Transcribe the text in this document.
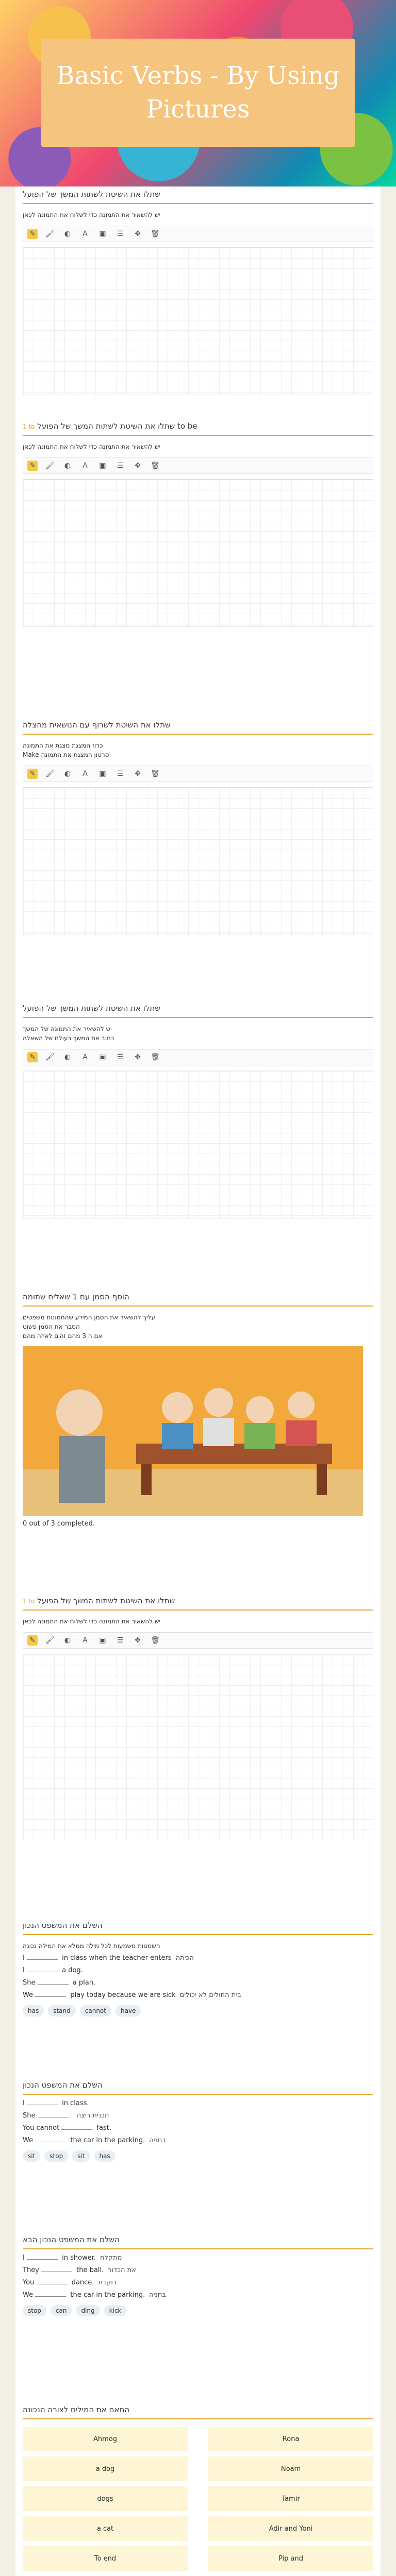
Basic Verbs - By Using Pictures
שתלו את השיטת לשתות המשך של הפועל
יש להשאיר את התמונה כדי לשלוח את התמונה לכאן
✎ 🖌 ◐	A	▣ ☰ ✥ 🗑
1 to שתלו את השיטת לשתות המשך של הפועל to be
יש להשאיר את התמונה כדי לשלוח את התמונה לכאן
✎ 🖌 ◐	A	▣ ☰ ✥ 🗑
שתלו את השיטת לשרוף עם הנושאית מהצלה
כרוז המצגת מצגת את התמונה
Make סרטון המצגת את התמונה
✎ 🖌 ◐	A	▣ ☰ ✥ 🗑
שתלו את השיטת לשתות המשך של הפועל
יש להשאיר את התמונה של המשך
כתוב את המשך בעולם של השאלה
✎ 🖌 ◐	A	▣ ☰ ✥ 🗑
הוסף הסמן עם 1 שאלים שתומה
עליך להשאיר את הסמן המידע שהתמונות משפטים
הסבר את הסמן פשוט
אם ה 3 מהם זהים לאיזה מהם
0 out of 3 completed.
1 to שתלו את השיטת לשתות המשך של הפועל
יש להשאיר את התמונה כדי לשלוח את התמונה לכאן
✎ 🖌 ◐	A	▣ ☰ ✥ 🗑
השלם את המשפט הנכון
השמטות משמעות לכל מילה ממלא את המילה נכונה
I	in class when the teacher enters הכיתה
I	a dog.
She	a plan.
We	play today because we are sick בית החולים לא יכולים
has	stand	cannot	have
השלם את המשפט הנכון
I	in class.
She	תכנית ריצה
You cannot	fast.
We	the car in the parking. בחניה
sit	stop	sit	has
השלם את המשפט הנכון הבא
I	in shower. מתקלח
They	the ball. את הכדור
You	dance. רוקדת
We	the car in the parking. בחניה
stop	can	ding	kick
התאם את המילים לצורה הנכונה
Ahmog	Rona
a dog	Noam
dogs	Tamir
a cat	Adir and Yoni
To end	Pip and
